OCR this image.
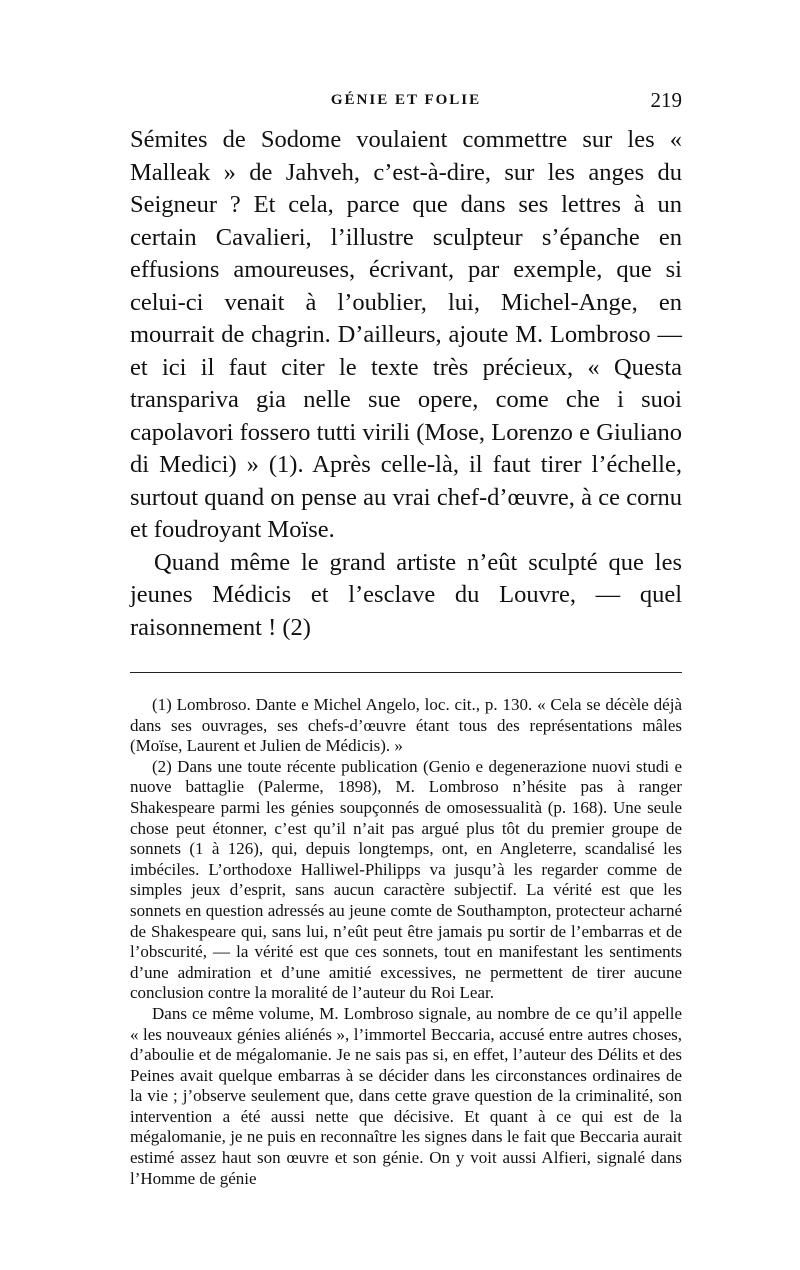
GÉNIE ET FOLIE	219

Sémites de Sodome voulaient commettre sur les « Malleak » de Jahveh, c’est-à-dire, sur les anges du Seigneur ? Et cela, parce que dans ses lettres à un certain Cavalieri, l’illustre sculpteur s’épanche en effusions amoureuses, écrivant, par exemple, que si celui-ci venait à l’oublier, lui, Michel-Ange, en mourrait de chagrin. D’ailleurs, ajoute M. Lombroso — et ici il faut citer le texte très précieux, « Questa transpariva gia nelle sue opere, come che i suoi capolavori fossero tutti virili (Mose, Lorenzo e Giuliano di Medici) » (1). Après celle-là, il faut tirer l’échelle, surtout quand on pense au vrai chef-d’œuvre, à ce cornu et foudroyant Moïse.

Quand même le grand artiste n’eût sculpté que les jeunes Médicis et l’esclave du Louvre, — quel raisonnement ! (2)

(1) Lombroso. Dante e Michel Angelo, loc. cit., p. 130. « Cela se décèle déjà dans ses ouvrages, ses chefs-d’œuvre étant tous des représentations mâles (Moïse, Laurent et Julien de Médicis). »

(2) Dans une toute récente publication (Genio e degenerazione nuovi studi e nuove battaglie (Palerme, 1898), M. Lombroso n’hésite pas à ranger Shakespeare parmi les génies soupçonnés de omosessualità (p. 168). Une seule chose peut étonner, c’est qu’il n’ait pas argué plus tôt du premier groupe de sonnets (1 à 126), qui, depuis longtemps, ont, en Angleterre, scandalisé les imbéciles. L’orthodoxe Halliwel-Philipps va jusqu’à les regarder comme de simples jeux d’esprit, sans aucun caractère subjectif. La vérité est que les sonnets en question adressés au jeune comte de Southampton, protecteur acharné de Shakespeare qui, sans lui, n’eût peut être jamais pu sortir de l’embarras et de l’obscurité, — la vérité est que ces sonnets, tout en manifestant les sentiments d’une admiration et d’une amitié excessives, ne permettent de tirer aucune conclusion contre la moralité de l’auteur du Roi Lear.

Dans ce même volume, M. Lombroso signale, au nombre de ce qu’il appelle « les nouveaux génies aliénés », l’immortel Beccaria, accusé entre autres choses, d’aboulie et de mégalomanie. Je ne sais pas si, en effet, l’auteur des Délits et des Peines avait quelque embarras à se décider dans les circonstances ordinaires de la vie ; j’observe seulement que, dans cette grave question de la criminalité, son intervention a été aussi nette que décisive. Et quant à ce qui est de la mégalomanie, je ne puis en reconnaître les signes dans le fait que Beccaria aurait estimé assez haut son œuvre et son génie. On y voit aussi Alfieri, signalé dans l’Homme de génie
